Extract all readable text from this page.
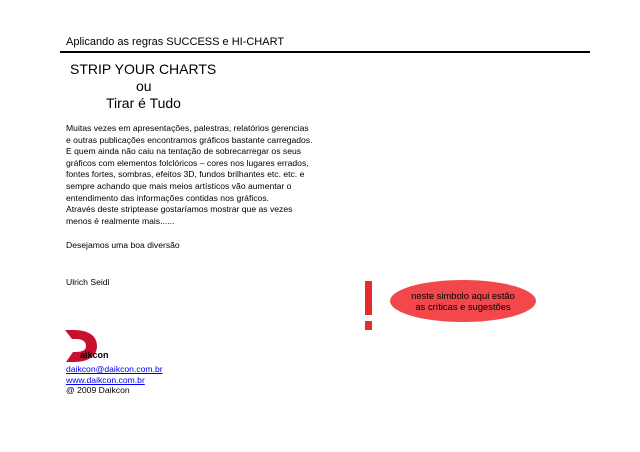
Aplicando as regras SUCCESS e HI-CHART
STRIP YOUR CHARTS
ou
Tirar é Tudo

Muitas vezes em apresentações, palestras, relatórios gerencias

e outras publicações encontramos gráficos bastante carregados.

E quem ainda não caiu na tentação de sobrecarregar os seus

gráficos com elementos folclóricos – cores nos lugares errados,

fontes fortes, sombras, efeitos 3D, fundos brilhantes etc. etc. e

sempre achando que mais meios artísticos vão aumentar o

entendimento das informações contidas nos gráficos.

Através deste striptease gostaríamos mostrar que as vezes

menos é realmente mais......

Desejamos uma boa diversão
Ulrich Seidl
aikcon
daikcon@daikcon.com.br
www.daikcon.com.br
@ 2009 Daikcon
neste simbolo aqui estão
as críticas e sugestões
